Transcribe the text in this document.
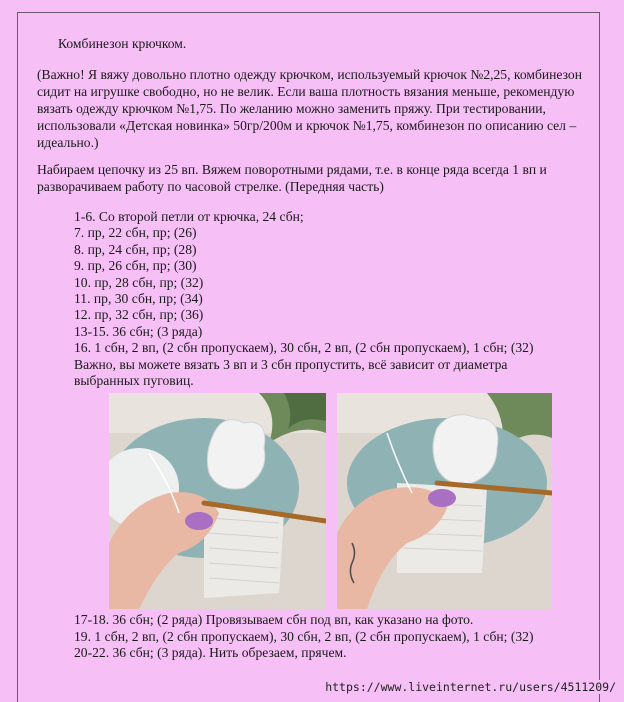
Комбинезон крючком.
(Важно! Я вяжу довольно плотно одежду крючком, используемый крючок №2,25, комбинезон сидит на игрушке свободно, но не велик. Если ваша плотность вязания меньше, рекомендую вязать одежду крючком №1,75. По желанию можно заменить пряжу. При тестировании, использовали «Детская новинка» 50гр/200м и крючок №1,75, комбинезон по описанию сел – идеально.)
Набираем цепочку из 25 вп. Вяжем поворотными рядами, т.е. в конце ряда всегда 1 вп и разворачиваем работу по часовой стрелке. (Передняя часть)
1-6. Со второй петли от крючка, 24 сбн;
7. пр, 22 сбн, пр; (26)
8. пр, 24 сбн, пр; (28)
9. пр, 26 сбн, пр; (30)
10. пр, 28 сбн, пр; (32)
11. пр, 30 сбн, пр; (34)
12. пр, 32 сбн, пр; (36)
13-15. 36 сбн; (3 ряда)
16. 1 сбн, 2 вп, (2 сбн пропускаем), 30 сбн, 2 вп, (2 сбн пропускаем), 1 сбн; (32)
Важно, вы можете вязать 3 вп и 3 сбн пропустить, всё зависит от диаметра выбранных пуговиц.
17-18. 36 сбн; (2 ряда) Провязываем сбн под вп, как указано на фото.
19. 1 сбн, 2 вп, (2 сбн пропускаем), 30 сбн, 2 вп, (2 сбн пропускаем), 1 сбн; (32)
20-22. 36 сбн; (3 ряда). Нить обрезаем, прячем.
https://www.liveinternet.ru/users/4511209/
